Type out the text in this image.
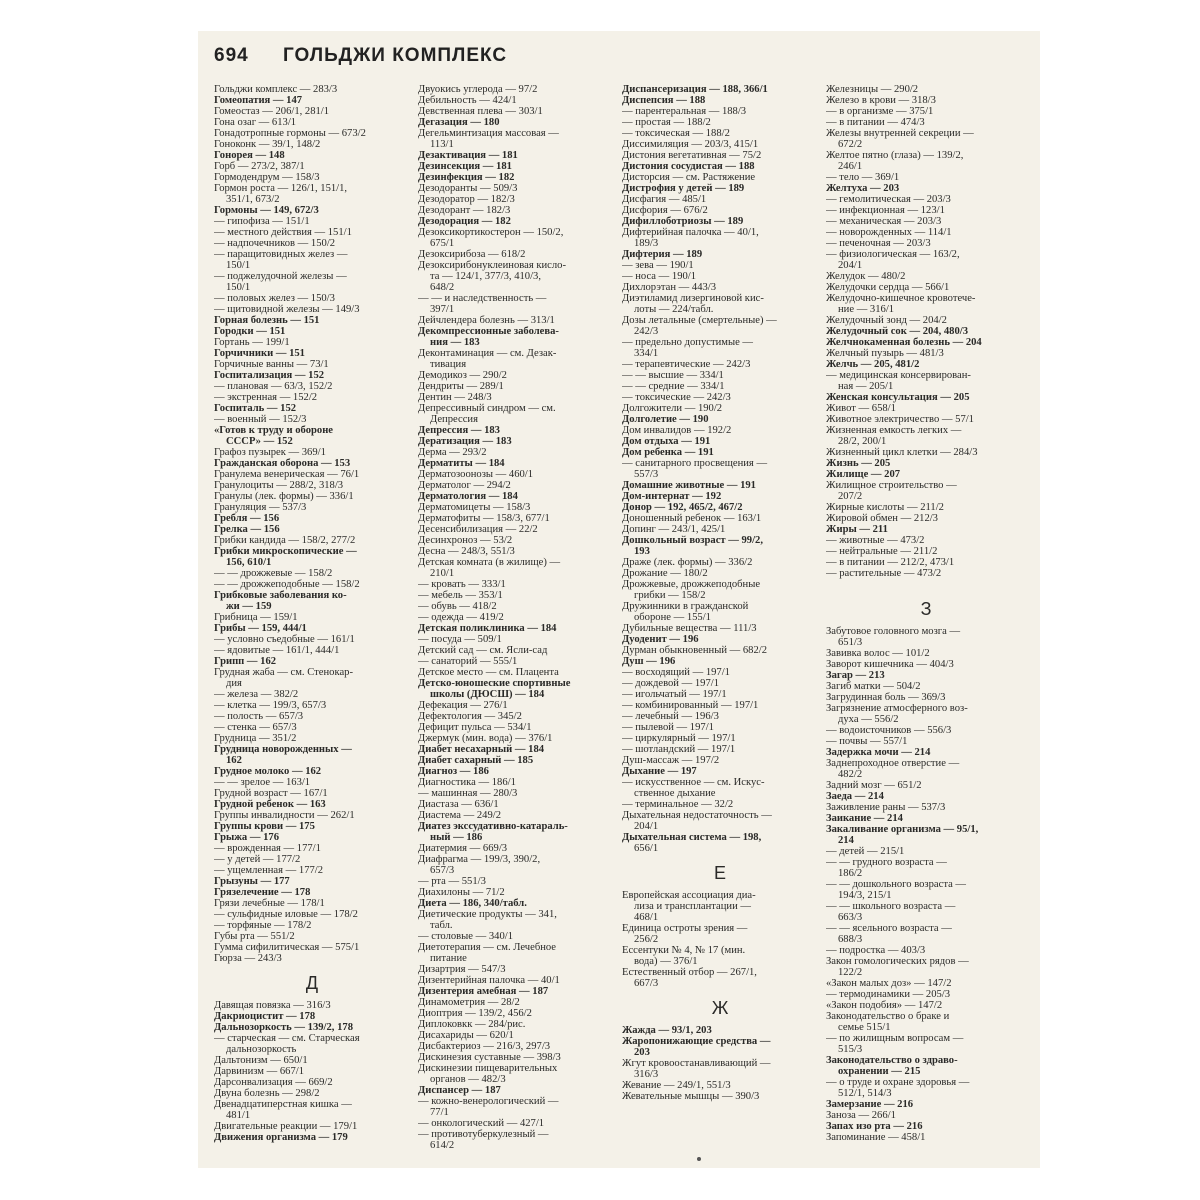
694 ГОЛЬДЖИ КОМПЛЕКС
Гольджи комплекс — 283/3
Гомеопатия — 147
Гомеостаз — 206/1, 281/1
Гона озаг — 613/1
Гонадотропные гормоны — 673/2
Гоноконк — 39/1, 148/2
Гонорея — 148
Горб — 273/2, 387/1
Гормодендрум — 158/3
Гормон роста — 126/1, 151/1,
351/1, 673/2
Гормоны — 149, 672/3
— гипофиза — 151/1
— местного действия — 151/1
— надпочечников — 150/2
— паращитовидных желез —
150/1
— поджелудочной железы —
150/1
— половых желез — 150/3
— щитовидной железы — 149/3
Горная болезнь — 151
Городки — 151
Гортань — 199/1
Горчичники — 151
Горчичные ванны — 73/1
Госпитализация — 152
— плановая — 63/3, 152/2
— экстренная — 152/2
Госпиталь — 152
— военный — 152/3
«Готов к труду и обороне
СССР» — 152
Графоз пузырек — 369/1
Гражданская оборона — 153
Гранулема венерическая — 76/1
Гранулоциты — 288/2, 318/3
Гранулы (лек. формы) — 336/1
Грануляция — 537/3
Гребля — 156
Грелка — 156
Грибки кандида — 158/2, 277/2
Грибки микроскопические —
156, 610/1
— — дрожжевые — 158/2
— — дрожжеподобные — 158/2
Грибковые заболевания ко-
жи — 159
Грибница — 159/1
Грибы — 159, 444/1
— условно съедобные — 161/1
— ядовитые — 161/1, 444/1
Грипп — 162
Грудная жаба — см. Стенокар-
дия
— железа — 382/2
— клетка — 199/3, 657/3
— полость — 657/3
— стенка — 657/3
Грудница — 351/2
Грудница новорожденных —
162
Грудное молоко — 162
— — зрелое — 163/1
Грудной возраст — 167/1
Грудной ребенок — 163
Группы инвалидности — 262/1
Группы крови — 175
Грыжа — 176
— врожденная — 177/1
— у детей — 177/2
— ущемленная — 177/2
Грызуны — 177
Грязелечение — 178
Грязи лечебные — 178/1
— сульфидные иловые — 178/2
— торфяные — 178/2
Губы рта — 551/2
Гумма сифилитическая — 575/1
Гюрза — 243/3
Д
Давящая повязка — 316/3
Дакриоцистит — 178
Дальнозоркость — 139/2, 178
— старческая — см. Старческая
дальнозоркость
Дальтонизм — 650/1
Дарвинизм — 667/1
Дарсонвализация — 669/2
Двуна болезнь — 298/2
Двенадцатиперстная кишка —
481/1
Двигательные реакции — 179/1
Движения организма — 179
Двуокись углерода — 97/2
Дебильность — 424/1
Девственная плева — 303/1
Дегазация — 180
Дегельминтизация массовая —
113/1
Дезактивация — 181
Дезинсекция — 181
Дезинфекция — 182
Дезодоранты — 509/3
Дезодоратор — 182/3
Дезодорант — 182/3
Дезодорация — 182
Дезоксикортикостерон — 150/2,
675/1
Дезоксирибоза — 618/2
Дезоксирибонуклеиновая кисло-
та — 124/1, 377/3, 410/3,
648/2
— — и наследственность —
397/1
Дейчлендера болезнь — 313/1
Декомпрессионные заболева-
ния — 183
Деконтаминация — см. Дезак-
тивация
Демодикоз — 290/2
Дендриты — 289/1
Дентин — 248/3
Депрессивный синдром — см.
Депрессия
Депрессия — 183
Дератизация — 183
Дерма — 293/2
Дерматиты — 184
Дерматозоонозы — 460/1
Дерматолог — 294/2
Дерматология — 184
Дерматомицеты — 158/3
Дерматофиты — 158/3, 677/1
Десенсибилизация — 22/2
Десинхроноз — 53/2
Десна — 248/3, 551/3
Детская комната (в жилище) —
210/1
— кровать — 333/1
— мебель — 353/1
— обувь — 418/2
— одежда — 419/2
Детская поликлиника — 184
— посуда — 509/1
Детский сад — см. Ясли-сад
— санаторий — 555/1
Детское место — см. Плацента
Детско-юношеские спортивные
школы (ДЮСШ) — 184
Дефекация — 276/1
Дефектология — 345/2
Дефицит пульса — 534/1
Джермук (мин. вода) — 376/1
Диабет несахарный — 184
Диабет сахарный — 185
Диагноз — 186
Диагностика — 186/1
— машинная — 280/3
Диастаза — 636/1
Диастема — 249/2
Диатез экссудативно-катараль-
ный — 186
Диатермия — 669/3
Диафрагма — 199/3, 390/2,
657/3
— рта — 551/3
Диахилоны — 71/2
Диета — 186, 340/табл.
Диетические продукты — 341,
табл.
— столовые — 340/1
Диетотерапия — см. Лечебное
питание
Дизартрия — 547/3
Дизентерийная палочка — 40/1
Дизентерия амебная — 187
Динамометрия — 28/2
Диоптрия — 139/2, 456/2
Диплоковкк — 284/рис.
Дисахариды — 620/1
Дисбактериоз — 216/3, 297/3
Дискинезия суставные — 398/3
Дискинезии пищеварительных
органов — 482/3
Диспансер — 187
— кожно-венерологический —
77/1
— онкологический — 427/1
— противотуберкулезный —
614/2
Диспансеризация — 188, 366/1
Диспепсия — 188
— парентеральная — 188/3
— простая — 188/2
— токсическая — 188/2
Диссимиляция — 203/3, 415/1
Дистония вегетативная — 75/2
Дистония сосудистая — 188
Дисторсия — см. Растяжение
Дистрофия у детей — 189
Дисфагия — 485/1
Дисфория — 676/2
Дифиллоботриозы — 189
Дифтерийная палочка — 40/1,
189/3
Дифтерия — 189
— зева — 190/1
— носа — 190/1
Дихлорэтан — 443/3
Диэтиламид лизергиновой кис-
лоты — 224/табл.
Дозы летальные (смертельные) —
242/3
— предельно допустимые —
334/1
— терапевтические — 242/3
— — высшие — 334/1
— — средние — 334/1
— токсические — 242/3
Долгожители — 190/2
Долголетие — 190
Дом инвалидов — 192/2
Дом отдыха — 191
Дом ребенка — 191
— санитарного просвещения —
557/3
Домашние животные — 191
Дом-интернат — 192
Донор — 192, 465/2, 467/2
Доношенный ребенок — 163/1
Допинг — 243/1, 425/1
Дошкольный возраст — 99/2,
193
Драже (лек. формы) — 336/2
Дрожание — 180/2
Дрожжевые, дрожжеподобные
грибки — 158/2
Дружинники в гражданской
обороне — 155/1
Дубильные вещества — 111/3
Дуоденит — 196
Дурман обыкновенный — 682/2
Душ — 196
— восходящий — 197/1
— дождевой — 197/1
— игольчатый — 197/1
— комбинированный — 197/1
— лечебный — 196/3
— пылевой — 197/1
— циркулярный — 197/1
— шотландский — 197/1
Душ-массаж — 197/2
Дыхание — 197
— искусственное — см. Искус-
ственное дыхание
— терминальное — 32/2
Дыхательная недостаточность —
204/1
Дыхательная система — 198,
656/1
Е
Европейская ассоциация диа-
лиза и трансплантации —
468/1
Единица остроты зрения —
256/2
Ессентуки № 4, № 17 (мин.
вода) — 376/1
Естественный отбор — 267/1,
667/3
Ж
Жажда — 93/1, 203
Жаропонижающие средства —
203
Жгут кровоостанавливающий —
316/3
Жевание — 249/1, 551/3
Жевательные мышцы — 390/3
Железницы — 290/2
Железо в крови — 318/3
— в организме — 375/1
— в питании — 474/3
Железы внутренней секреции —
672/2
Желтое пятно (глаза) — 139/2,
246/1
— тело — 369/1
Желтуха — 203
— гемолитическая — 203/3
— инфекционная — 123/1
— механическая — 203/3
— новорожденных — 114/1
— печеночная — 203/3
— физиологическая — 163/2,
204/1
Желудок — 480/2
Желудочки сердца — 566/1
Желудочно-кишечное кровотече-
ние — 316/1
Желудочный зонд — 204/2
Желудочный сок — 204, 480/3
Желчнокаменная болезнь — 204
Желчный пузырь — 481/3
Желчь — 205, 481/2
— медицинская консервирован-
ная — 205/1
Женская консультация — 205
Живот — 658/1
Животное электричество — 57/1
Жизненная емкость легких —
28/2, 200/1
Жизненный цикл клетки — 284/3
Жизнь — 205
Жилище — 207
Жилищное строительство —
207/2
Жирные кислоты — 211/2
Жировой обмен — 212/3
Жиры — 211
— животные — 473/2
— нейтральные — 211/2
— в питании — 212/2, 473/1
— растительные — 473/2
З
Забутовое головного мозга —
651/3
Завивка волос — 101/2
Заворот кишечника — 404/3
Загар — 213
Загиб матки — 504/2
Загрудинная боль — 369/3
Загрязнение атмосферного воз-
духа — 556/2
— водоисточников — 556/3
— почвы — 557/1
Задержка мочи — 214
Заднепроходное отверстие —
482/2
Задний мозг — 651/2
Заеда — 214
Заживление раны — 537/3
Заикание — 214
Закаливание организма — 95/1,
214
— детей — 215/1
— — грудного возраста —
186/2
— — дошкольного возраста —
194/3, 215/1
— — школьного возраста —
663/3
— — ясельного возраста —
688/3
— подростка — 403/3
Закон гомологических рядов —
122/2
«Закон малых доз» — 147/2
— термодинамики — 205/3
«Закон подобия» — 147/2
Законодательство о браке и
семье 515/1
— по жилищным вопросам —
515/3
Законодательство о здраво-
охранении — 215
— о труде и охране здоровья —
512/1, 514/3
Замерзание — 216
Заноза — 266/1
Запах изо рта — 216
Запоминание — 458/1
